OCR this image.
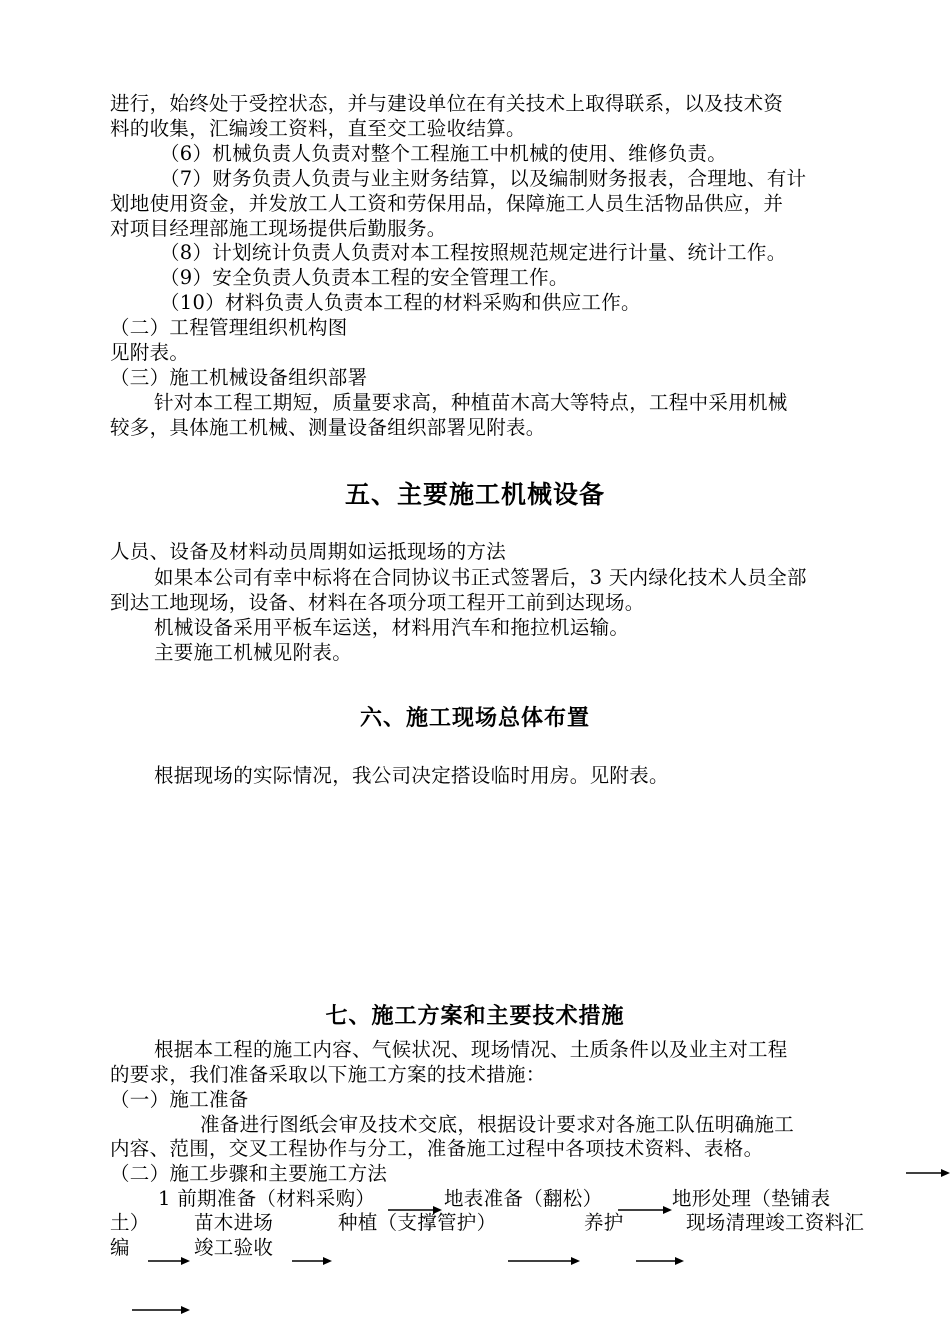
进行，始终处于受控状态，并与建设单位在有关技术上取得联系，以及技术资
料的收集，汇编竣工资料，直至交工验收结算。
（6）机械负责人负责对整个工程施工中机械的使用、维修负责。
（7）财务负责人负责与业主财务结算，以及编制财务报表，合理地、有计
划地使用资金，并发放工人工资和劳保用品，保障施工人员生活物品供应，并
对项目经理部施工现场提供后勤服务。
（8）计划统计负责人负责对本工程按照规范规定进行计量、统计工作。
（9）安全负责人负责本工程的安全管理工作。
（10）材料负责人负责本工程的材料采购和供应工作。
（二）工程管理组织机构图
见附表。
（三）施工机械设备组织部署
针对本工程工期短，质量要求高，种植苗木高大等特点，工程中采用机械
较多，具体施工机械、测量设备组织部署见附表。
五、主要施工机械设备
人员、设备及材料动员周期如运抵现场的方法
如果本公司有幸中标将在合同协议书正式签署后，3 天内绿化技术人员全部
到达工地现场，设备、材料在各项分项工程开工前到达现场。
机械设备采用平板车运送，材料用汽车和拖拉机运输。
主要施工机械见附表。
六、施工现场总体布置
根据现场的实际情况，我公司决定搭设临时用房。见附表。
七、施工方案和主要技术措施
根据本工程的施工内容、气候状况、现场情况、土质条件以及业主对工程
的要求，我们准备采取以下施工方案的技术措施：
（一）施工准备
准备进行图纸会审及技术交底，根据设计要求对各施工队伍明确施工
内容、范围，交叉工程协作与分工，准备施工过程中各项技术资料、表格。
（二）施工步骤和主要施工方法
1 前期准备（材料采购）	地表准备（翻松）	地形处理（垫铺表
土） 苗木进场	种植（支撑管护）	养护	现场清理竣工资料汇
编	竣工验收
